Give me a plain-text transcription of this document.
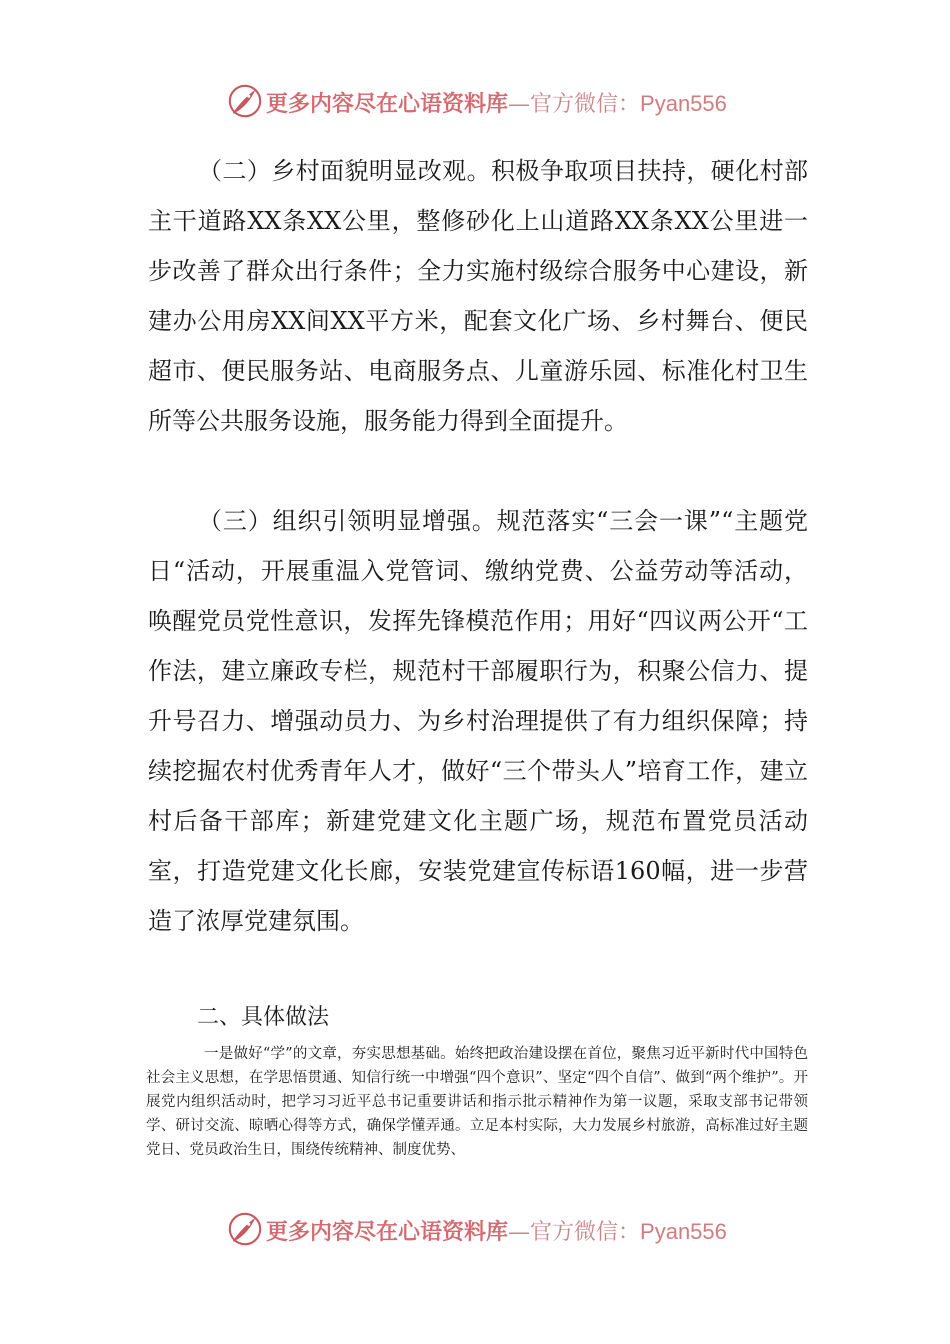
更多内容尽在心语资料库—官方微信：Pyan556

（二）乡村面貌明显改观。积极争取项目扶持，硬化村部主干道路XX条XX公里，整修砂化上山道路XX条XX公里进一步改善了群众出行条件；全力实施村级综合服务中心建设，新建办公用房XX间XX平方米，配套文化广场、乡村舞台、便民超市、便民服务站、电商服务点、儿童游乐园、标准化村卫生所等公共服务设施，服务能力得到全面提升。

（三）组织引领明显增强。规范落实“三会一课”“主题党日“活动，开展重温入党管词、缴纳党费、公益劳动等活动，唤醒党员党性意识，发挥先锋模范作用；用好“四议两公开“工作法，建立廉政专栏，规范村干部履职行为，积聚公信力、提升号召力、增强动员力、为乡村治理提供了有力组织保障；持续挖掘农村优秀青年人才，做好“三个带头人”培育工作，建立村后备干部库；新建党建文化主题广场，规范布置党员活动室，打造党建文化长廊，安装党建宣传标语160幅，进一步营造了浓厚党建氛围。

二、具体做法

一是做好“学”的文章，夯实思想基础。始终把政治建设摆在首位，聚焦习近平新时代中国特色社会主义思想，在学思悟贯通、知信行统一中增强“四个意识”、坚定“四个自信”、做到“两个维护”。开展党内组织活动时，把学习习近平总书记重要讲话和指示批示精神作为第一议题，采取支部书记带领学、研讨交流、晾晒心得等方式，确保学懂弄通。立足本村实际，大力发展乡村旅游，高标准过好主题党日、党员政治生日，围绕传统精神、制度优势、

更多内容尽在心语资料库—官方微信：Pyan556
